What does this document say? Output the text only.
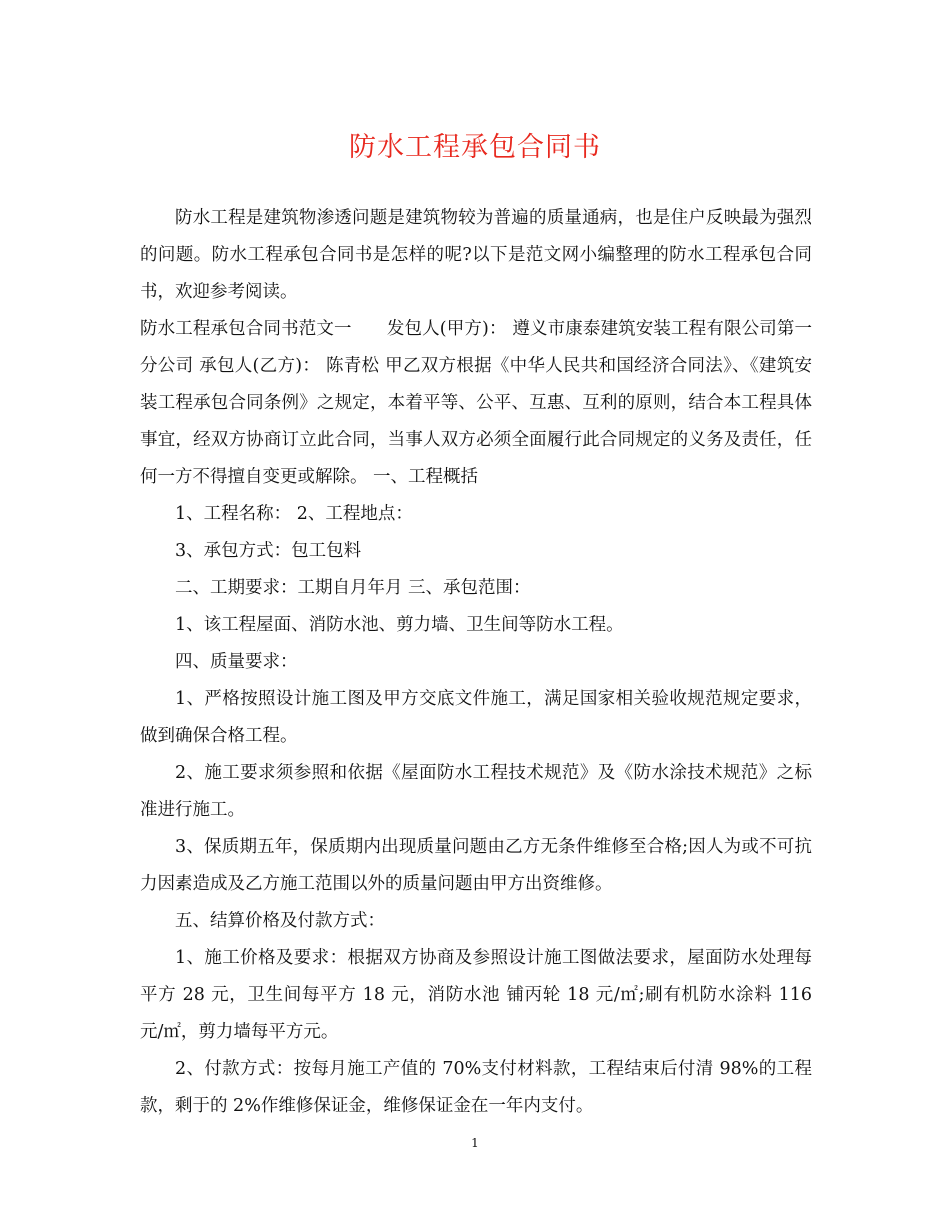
防水工程承包合同书

防水工程是建筑物渗透问题是建筑物较为普遍的质量通病，也是住户反映最为强烈的问题。防水工程承包合同书是怎样的呢?以下是范文网小编整理的防水工程承包合同书，欢迎参考阅读。

防水工程承包合同书范文一　　发包人(甲方)： 遵义市康泰建筑安装工程有限公司第一分公司 承包人(乙方)： 陈青松 甲乙双方根据《中华人民共和国经济合同法》、《建筑安装工程承包合同条例》之规定，本着平等、公平、互惠、互利的原则，结合本工程具体事宜，经双方协商订立此合同，当事人双方必须全面履行此合同规定的义务及责任，任何一方不得擅自变更或解除。 一、工程概括

1、工程名称： 2、工程地点：

3、承包方式：包工包料

二、工期要求：工期自月年月 三、承包范围：

1、该工程屋面、消防水池、剪力墙、卫生间等防水工程。

四、质量要求：

1、严格按照设计施工图及甲方交底文件施工，满足国家相关验收规范规定要求，做到确保合格工程。

2、施工要求须参照和依据《屋面防水工程技术规范》及《防水涂技术规范》之标准进行施工。

3、保质期五年，保质期内出现质量问题由乙方无条件维修至合格;因人为或不可抗力因素造成及乙方施工范围以外的质量问题由甲方出资维修。

五、结算价格及付款方式：

1、施工价格及要求：根据双方协商及参照设计施工图做法要求，屋面防水处理每平方 28 元，卫生间每平方 18 元，消防水池 铺丙轮 18 元/㎡;刷有机防水涂料 116 元/㎡，剪力墙每平方元。

2、付款方式：按每月施工产值的 70%支付材料款，工程结束后付清 98%的工程款，剩于的 2%作维修保证金，维修保证金在一年内支付。

1
